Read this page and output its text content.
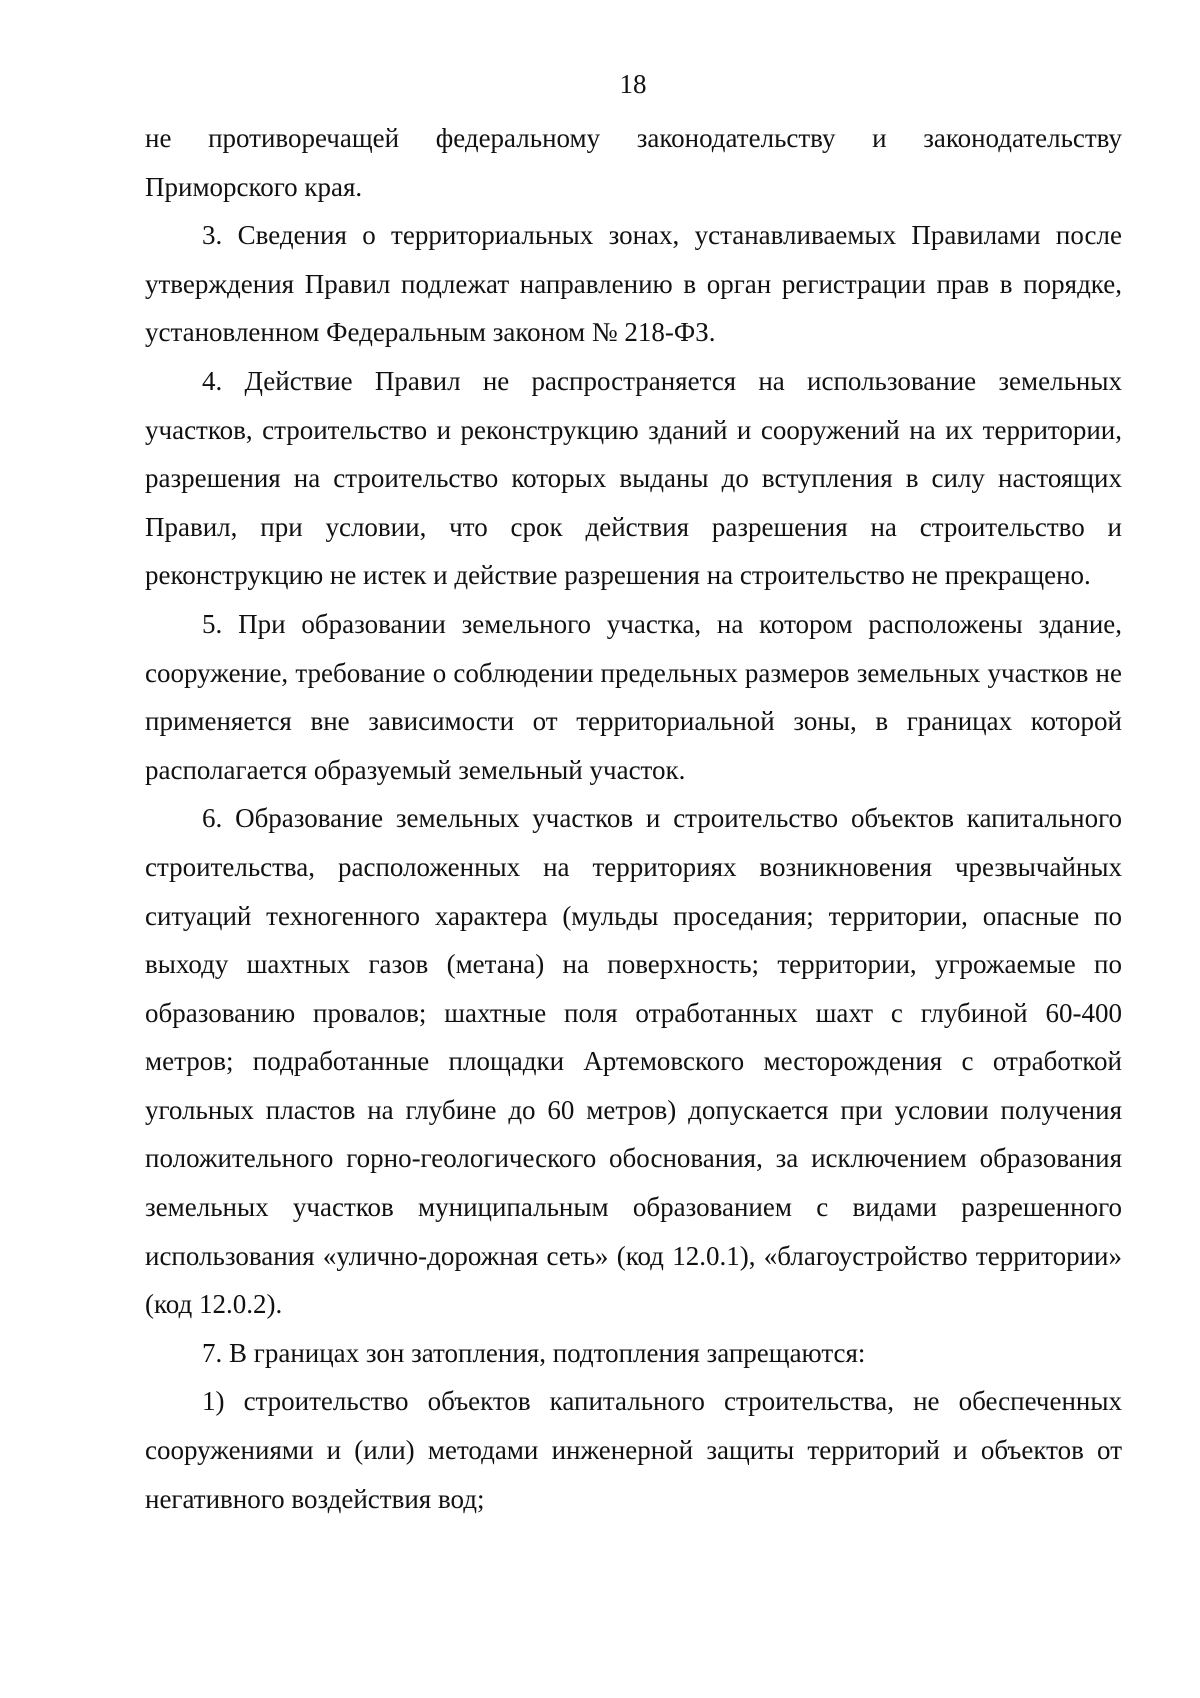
18

не противоречащей федеральному законодательству и законодательству Приморского края.

3. Сведения о территориальных зонах, устанавливаемых Правилами после утверждения Правил подлежат направлению в орган регистрации прав в порядке, установленном Федеральным законом № 218-ФЗ.

4. Действие Правил не распространяется на использование земельных участков, строительство и реконструкцию зданий и сооружений на их территории, разрешения на строительство которых выданы до вступления в силу настоящих Правил, при условии, что срок действия разрешения на строительство и реконструкцию не истек и действие разрешения на строительство не прекращено.

5. При образовании земельного участка, на котором расположены здание, сооружение, требование о соблюдении предельных размеров земельных участков не применяется вне зависимости от территориальной зоны, в границах которой располагается образуемый земельный участок.

6. Образование земельных участков и строительство объектов капитального строительства, расположенных на территориях возникновения чрезвычайных ситуаций техногенного характера (мульды проседания; территории, опасные по выходу шахтных газов (метана) на поверхность; территории, угрожаемые по образованию провалов; шахтные поля отработанных шахт с глубиной 60-400 метров; подработанные площадки Артемовского месторождения с отработкой угольных пластов на глубине до 60 метров) допускается при условии получения положительного горно-геологического обоснования, за исключением образования земельных участков муниципальным образованием с видами разрешенного использования «улично-дорожная сеть» (код 12.0.1), «благоустройство территории» (код 12.0.2).

7. В границах зон затопления, подтопления запрещаются:

1) строительство объектов капитального строительства, не обеспеченных сооружениями и (или) методами инженерной защиты территорий и объектов от негативного воздействия вод;
